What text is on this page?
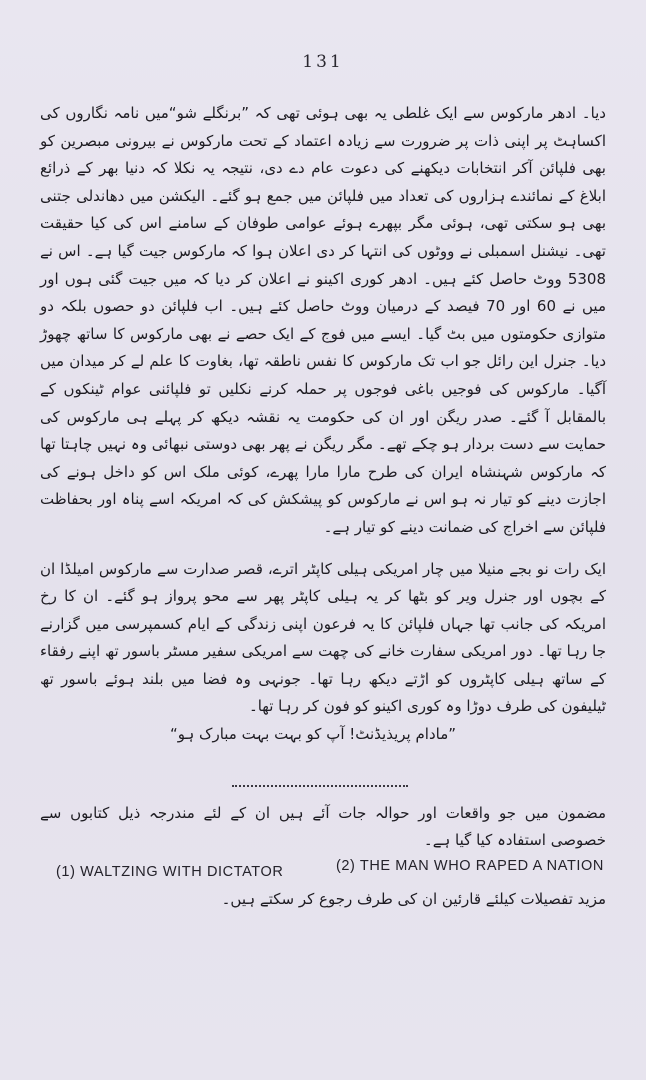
131

دیا۔ ادھر مارکوس سے ایک غلطی یہ بھی ہوئی تھی کہ ”برنگلے شو“میں نامہ نگاروں کی اکساہٹ پر اپنی ذات پر ضرورت سے زیادہ اعتماد کے تحت مارکوس نے بیرونی مبصرین کو بھی فلپائن آکر انتخابات دیکھنے کی دعوت عام دے دی، نتیجہ یہ نکلا کہ دنیا بھر کے ذرائع ابلاغ کے نمائندے ہزاروں کی تعداد میں فلپائن میں جمع ہو گئے۔ الیکشن میں دھاندلی جتنی بھی ہو سکتی تھی، ہوئی مگر بپھرے ہوئے عوامی طوفان کے سامنے اس کی کیا حقیقت تھی۔ نیشنل اسمبلی نے ووٹوں کی انتہا کر دی اعلان ہوا کہ مارکوس جیت گیا ہے۔ اس نے 5308 ووٹ حاصل کئے ہیں۔ ادھر کوری اکینو نے اعلان کر دیا کہ میں جیت گئی ہوں اور میں نے 60 اور 70 فیصد کے درمیان ووٹ حاصل کئے ہیں۔ اب فلپائن دو حصوں بلکہ دو متوازی حکومتوں میں بٹ گیا۔ ایسے میں فوج کے ایک حصے نے بھی مارکوس کا ساتھ چھوڑ دیا۔ جنرل این رائل جو اب تک مارکوس کا نفس ناطقہ تھا، بغاوت کا علم لے کر میدان میں آگیا۔ مارکوس کی فوجیں باغی فوجوں پر حملہ کرنے نکلیں تو فلپائنی عوام ٹینکوں کے بالمقابل آ گئے۔ صدر ریگن اور ان کی حکومت یہ نقشہ دیکھ کر پہلے ہی مارکوس کی حمایت سے دست بردار ہو چکے تھے۔ مگر ریگن نے پھر بھی دوستی نبھائی وہ نہیں چاہتا تھا کہ مارکوس شہنشاہ ایران کی طرح مارا مارا پھرے، کوئی ملک اس کو داخل ہونے کی اجازت دینے کو تیار نہ ہو اس نے مارکوس کو پیشکش کی کہ امریکہ اسے پناہ اور بحفاظت فلپائن سے اخراج کی ضمانت دینے کو تیار ہے۔

ایک رات نو بجے منیلا میں چار امریکی ہیلی کاپٹر اترے، قصر صدارت سے مارکوس امیلڈا ان کے بچوں اور جنرل ویر کو بٹھا کر یہ ہیلی کاپٹر پھر سے محو پرواز ہو گئے۔ ان کا رخ امریکہ کی جانب تھا جہاں فلپائن کا یہ فرعون اپنی زندگی کے ایام کسمپرسی میں گزارنے جا رہا تھا۔ دور امریکی سفارت خانے کی چھت سے امریکی سفیر مسٹر باسور تھ اپنے رفقاء کے ساتھ ہیلی کاپٹروں کو اڑتے دیکھ رہا تھا۔ جونہی وہ فضا میں بلند ہوئے باسور تھ ٹیلیفون کی طرف دوڑا وہ کوری اکینو کو فون کر رہا تھا۔

”مادام پریذیڈنٹ! آپ کو بہت بہت مبارک ہو“

مضمون میں جو واقعات اور حوالہ جات آئے ہیں ان کے لئے مندرجہ ذیل کتابوں سے خصوصی استفادہ کیا گیا ہے۔

(1) WALTZING WITH DICTATOR	(2) THE MAN WHO RAPED A NATION
مزید تفصیلات کیلئے قارئین ان کی طرف رجوع کر سکتے ہیں۔
